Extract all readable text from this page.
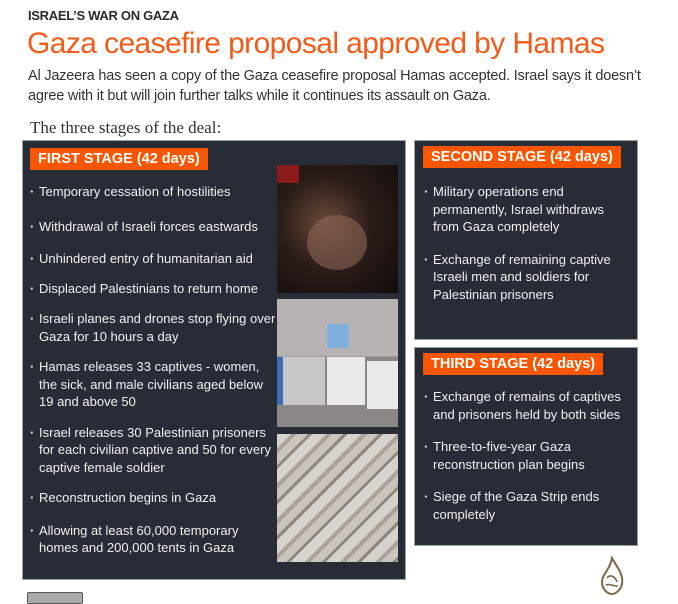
ISRAEL’S WAR ON GAZA
Gaza ceasefire proposal approved by Hamas
Al Jazeera has seen a copy of the Gaza ceasefire proposal Hamas accepted. Israel says it doesn’t agree with it but will join further talks while it continues its assault on Gaza.
The three stages of the deal:
FIRST STAGE (42 days)
· Temporary cessation of hostilities
· Withdrawal of Israeli forces eastwards
· Unhindered entry of humanitarian aid
· Displaced Palestinians to return home
· Israeli planes and drones stop flying over Gaza for 10 hours a day
· Hamas releases 33 captives - women, the sick, and male civilians aged below 19 and above 50
· Israel releases 30 Palestinian prisoners for each civilian captive and 50 for every captive female soldier
· Reconstruction begins in Gaza
· Allowing at least 60,000 temporary homes and 200,000 tents in Gaza
SECOND STAGE (42 days)
· Military operations end permanently, Israel withdraws from Gaza completely
· Exchange of remaining captive Israeli men and soldiers for Palestinian prisoners
THIRD STAGE (42 days)
· Exchange of remains of captives and prisoners held by both sides
· Three-to-five-year Gaza reconstruction plan begins
· Siege of the Gaza Strip ends completely
